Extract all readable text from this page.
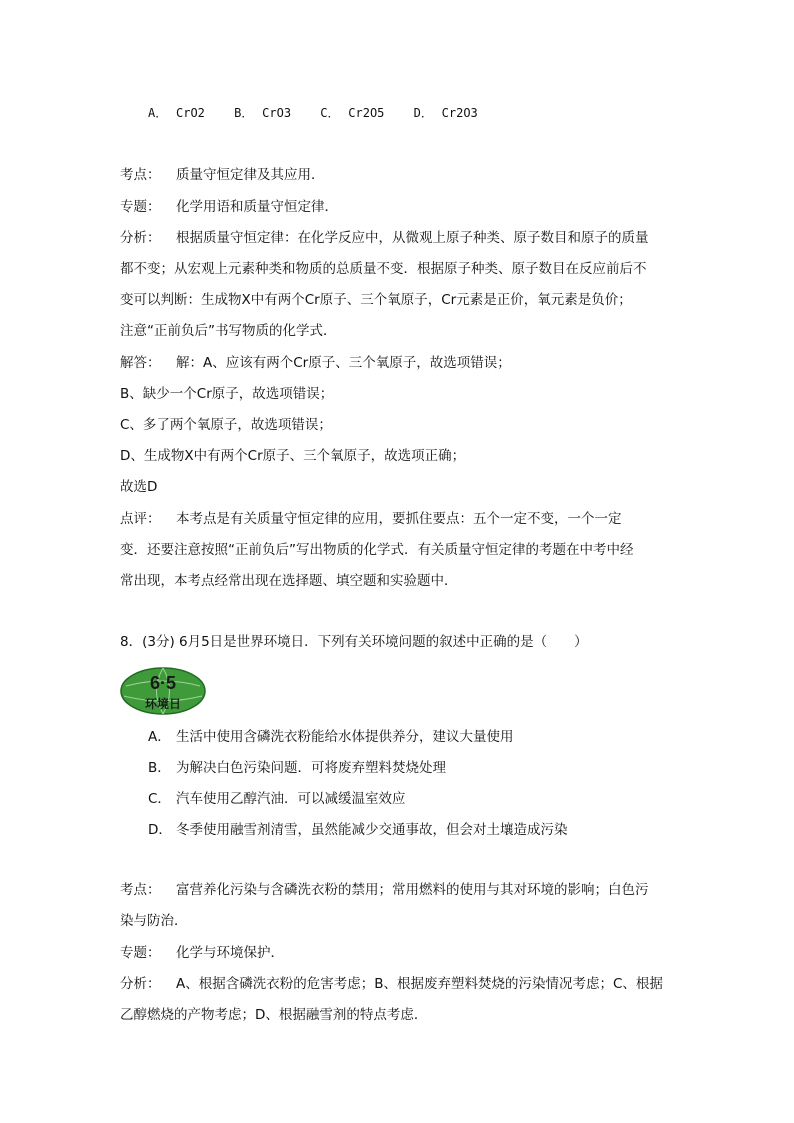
A． CrO2 B． CrO3 C． Cr2O5 D． Cr2O3
考点： 质量守恒定律及其应用．
专题： 化学用语和质量守恒定律．
分析： 根据质量守恒定律：在化学反应中，从微观上原子种类、原子数目和原子的质量
都不变；从宏观上元素种类和物质的总质量不变．根据原子种类、原子数目在反应前后不
变可以判断：生成物X中有两个Cr原子、三个氧原子，Cr元素是正价，氧元素是负价；
注意“正前负后”书写物质的化学式．
解答： 解：A、应该有两个Cr原子、三个氧原子，故选项错误；
B、缺少一个Cr原子，故选项错误；
C、多了两个氧原子，故选项错误；
D、生成物X中有两个Cr原子、三个氧原子，故选项正确；
故选D
点评： 本考点是有关质量守恒定律的应用，要抓住要点：五个一定不变，一个一定
变．还要注意按照“正前负后”写出物质的化学式．有关质量守恒定律的考题在中考中经
常出现，本考点经常出现在选择题、填空题和实验题中．
8．(3分) 6月5日是世界环境日．下列有关环境问题的叙述中正确的是（　　）
6·5
环境日
A． 生活中使用含磷洗衣粉能给水体提供养分，建议大量使用
B． 为解决白色污染问题．可将废弃塑料焚烧处理
C． 汽车使用乙醇汽油．可以减缓温室效应
D． 冬季使用融雪剂清雪，虽然能减少交通事故，但会对土壤造成污染
考点： 富营养化污染与含磷洗衣粉的禁用；常用燃料的使用与其对环境的影响；白色污
染与防治．
专题： 化学与环境保护．
分析： A、根据含磷洗衣粉的危害考虑；B、根据废弃塑料焚烧的污染情况考虑；C、根据
乙醇燃烧的产物考虑；D、根据融雪剂的特点考虑．
